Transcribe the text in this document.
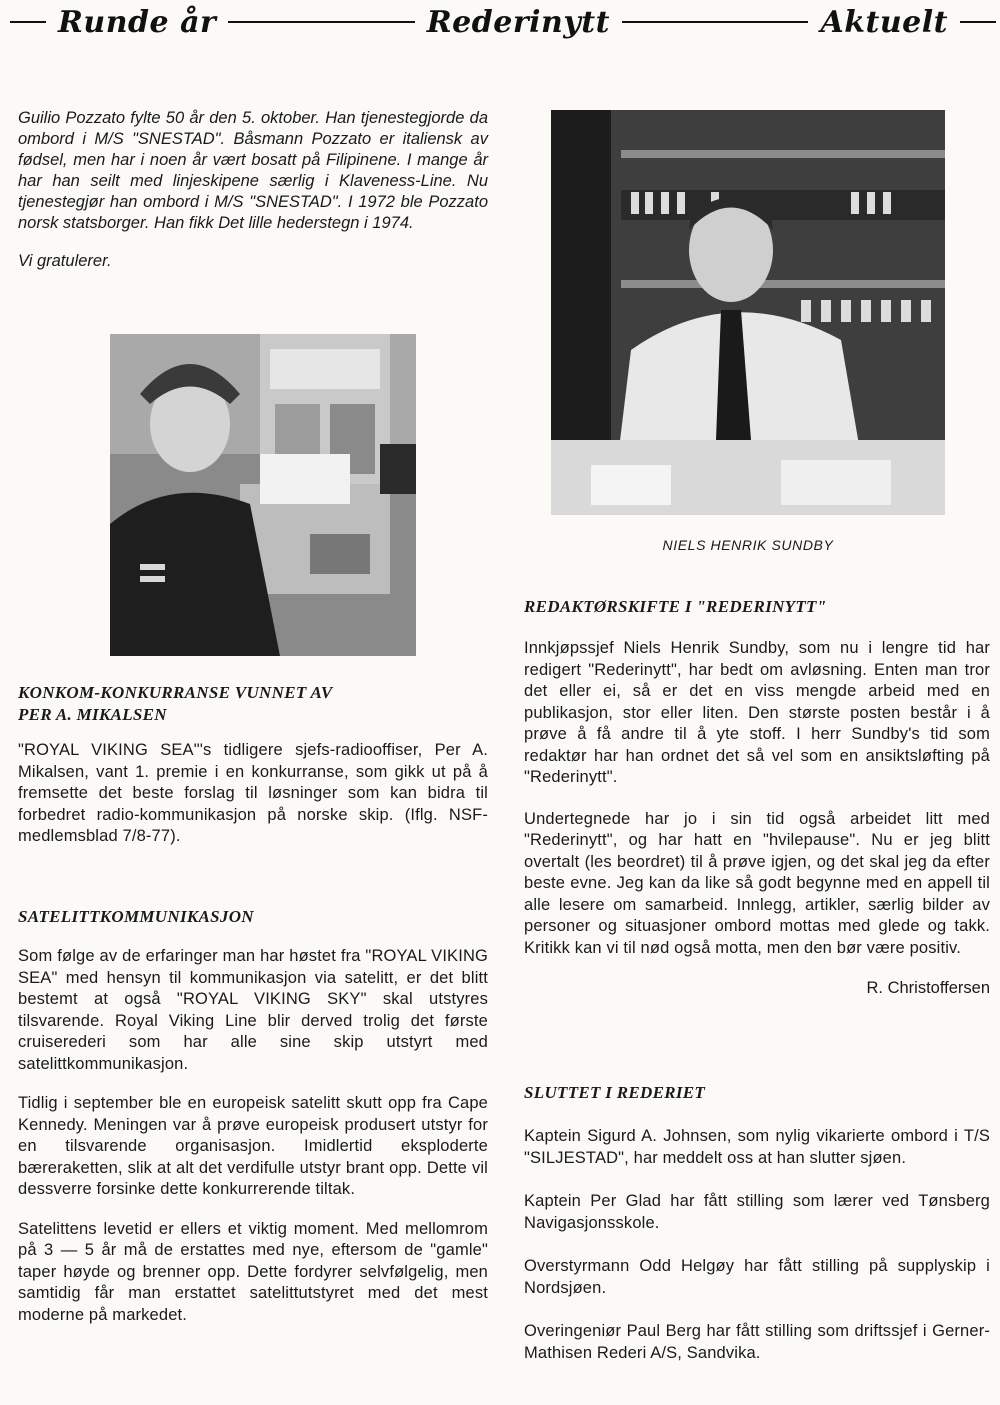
Runde år	Rederinytt	Aktuelt

Guilio Pozzato fylte 50 år den 5. oktober. Han tjenestegjorde da ombord i M/S "SNESTAD". Båsmann Pozzato er italiensk av fødsel, men har i noen år vært bosatt på Filipinene. I mange år har han seilt med linjeskipene særlig i Klaveness-Line. Nu tjenestegjør han ombord i M/S "SNESTAD". I 1972 ble Pozzato norsk statsborger. Han fikk Det lille hederstegn i 1974.

Vi gratulerer.

NIELS HENRIK SUNDBY

KONKOM-KONKURRANSE VUNNET AV

PER A. MIKALSEN

"ROYAL VIKING SEA"'s tidligere sjefs-radiooffiser, Per A. Mikalsen, vant 1. premie i en konkurranse, som gikk ut på å fremsette det beste forslag til løsninger som kan bidra til forbedret radio-kommunikasjon på norske skip. (Iflg. NSF-medlemsblad 7/8-77).

SATELITTKOMMUNIKASJON

Som følge av de erfaringer man har høstet fra "ROYAL VIKING SEA" med hensyn til kommunikasjon via satelitt, er det blitt bestemt at også "ROYAL VIKING SKY" skal utstyres tilsvarende. Royal Viking Line blir derved trolig det første cruiserederi som har alle sine skip utstyrt med satelittkommunikasjon.

Tidlig i september ble en europeisk satelitt skutt opp fra Cape Kennedy. Meningen var å prøve europeisk produsert utstyr for en tilsvarende organisasjon. Imidlertid eksploderte bæreraketten, slik at alt det verdifulle utstyr brant opp. Dette vil dessverre forsinke dette konkurrerende tiltak.

Satelittens levetid er ellers et viktig moment. Med mellomrom på 3 — 5 år må de erstattes med nye, eftersom de "gamle" taper høyde og brenner opp. Dette fordyrer selvfølgelig, men samtidig får man erstattet satelittutstyret med det mest moderne på markedet.

REDAKTØRSKIFTE I "REDERINYTT"

Innkjøpssjef Niels Henrik Sundby, som nu i lengre tid har redigert "Rederinytt", har bedt om avløsning. Enten man tror det eller ei, så er det en viss mengde arbeid med en publikasjon, stor eller liten. Den største posten består i å prøve å få andre til å yte stoff. I herr Sundby's tid som redaktør har han ordnet det så vel som en ansiktsløfting på "Rederinytt".

Undertegnede har jo i sin tid også arbeidet litt med "Rederinytt", og har hatt en "hvilepause". Nu er jeg blitt overtalt (les beordret) til å prøve igjen, og det skal jeg da efter beste evne. Jeg kan da like så godt begynne med en appell til alle lesere om samarbeid. Innlegg, artikler, særlig bilder av personer og situasjoner ombord mottas med glede og takk. Kritikk kan vi til nød også motta, men den bør være positiv.

R. Christoffersen

SLUTTET I REDERIET

Kaptein Sigurd A. Johnsen, som nylig vikarierte ombord i T/S "SILJESTAD", har meddelt oss at han slutter sjøen.

Kaptein Per Glad har fått stilling som lærer ved Tønsberg Navigasjonsskole.

Overstyrmann Odd Helgøy har fått stilling på supplyskip i Nordsjøen.

Overingeniør Paul Berg har fått stilling som driftssjef i Gerner-Mathisen Rederi A/S, Sandvika.
